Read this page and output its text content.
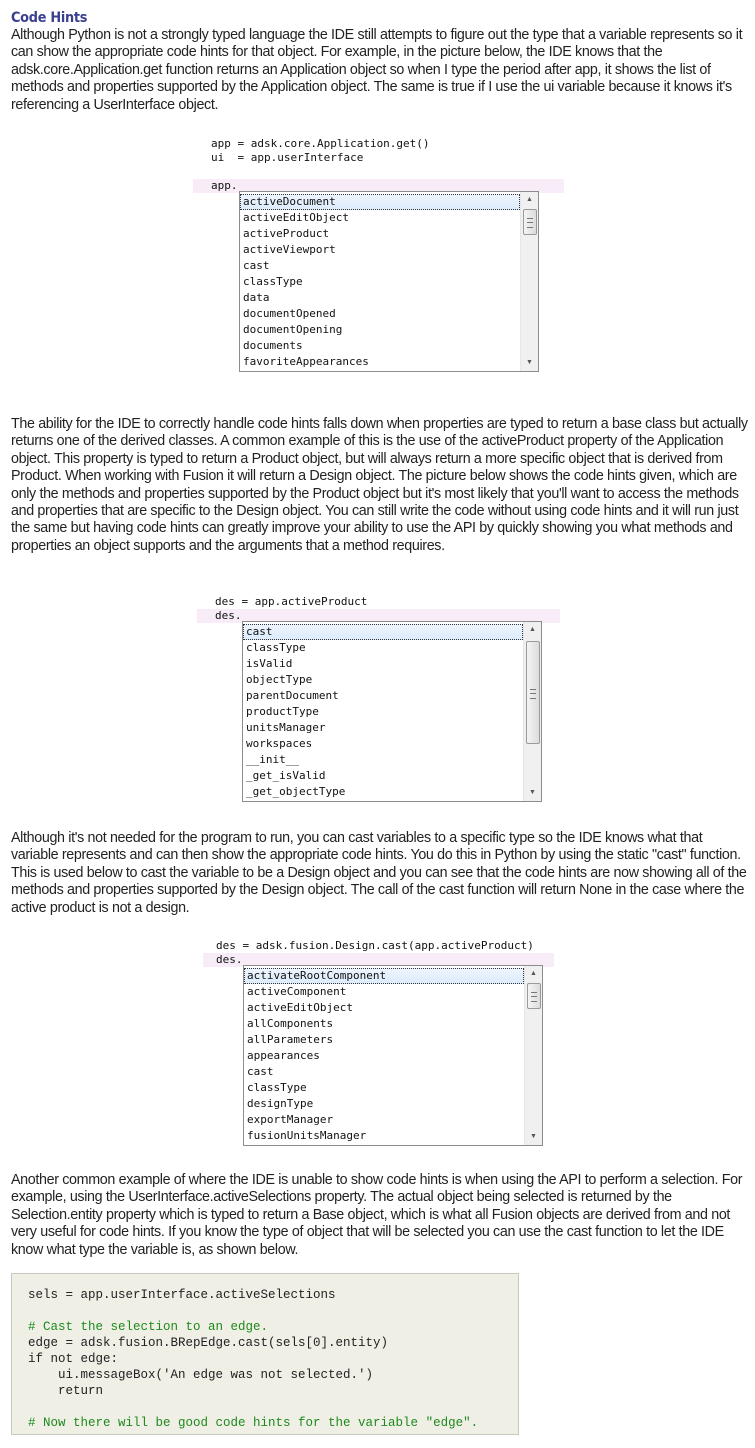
Code Hints
Although Python is not a strongly typed language the IDE still attempts to figure out the type that a variable represents so it can show the appropriate code hints for that object. For example, in the picture below, the IDE knows that the adsk.core.Application.get function returns an Application object so when I type the period after app, it shows the list of methods and properties supported by the Application object. The same is true if I use the ui variable because it knows it's referencing a UserInterface object.
app = adsk.core.Application.get()
ui  = app.userInterface
app.
activeDocument
activeEditObject
activeProduct
activeViewport
cast
classType
data
documentOpened
documentOpening
documents
favoriteAppearances
▲
▼
The ability for the IDE to correctly handle code hints falls down when properties are typed to return a base class but actually returns one of the derived classes. A common example of this is the use of the activeProduct property of the Application object. This property is typed to return a Product object, but will always return a more specific object that is derived from Product. When working with Fusion it will return a Design object. The picture below shows the code hints given, which are only the methods and properties supported by the Product object but it's most likely that you'll want to access the methods and properties that are specific to the Design object. You can still write the code without using code hints and it will run just the same but having code hints can greatly improve your ability to use the API by quickly showing you what methods and properties an object supports and the arguments that a method requires.
des = app.activeProduct
des.
cast
classType
isValid
objectType
parentDocument
productType
unitsManager
workspaces
__init__
_get_isValid
_get_objectType
▲
▼
Although it's not needed for the program to run, you can cast variables to a specific type so the IDE knows what that variable represents and can then show the appropriate code hints. You do this in Python by using the static "cast" function. This is used below to cast the variable to be a Design object and you can see that the code hints are now showing all of the methods and properties supported by the Design object. The call of the cast function will return None in the case where the active product is not a design.
des = adsk.fusion.Design.cast(app.activeProduct)
des.
activateRootComponent
activeComponent
activeEditObject
allComponents
allParameters
appearances
cast
classType
designType
exportManager
fusionUnitsManager
▲
▼
Another common example of where the IDE is unable to show code hints is when using the API to perform a selection. For example, using the UserInterface.activeSelections property. The actual object being selected is returned by the Selection.entity property which is typed to return a Base object, which is what all Fusion objects are derived from and not very useful for code hints. If you know the type of object that will be selected you can use the cast function to let the IDE know what type the variable is, as shown below.
sels = app.userInterface.activeSelections
# Cast the selection to an edge.
edge = adsk.fusion.BRepEdge.cast(sels[0].entity)
if not edge:
ui.messageBox('An edge was not selected.')
return
# Now there will be good code hints for the variable "edge".
